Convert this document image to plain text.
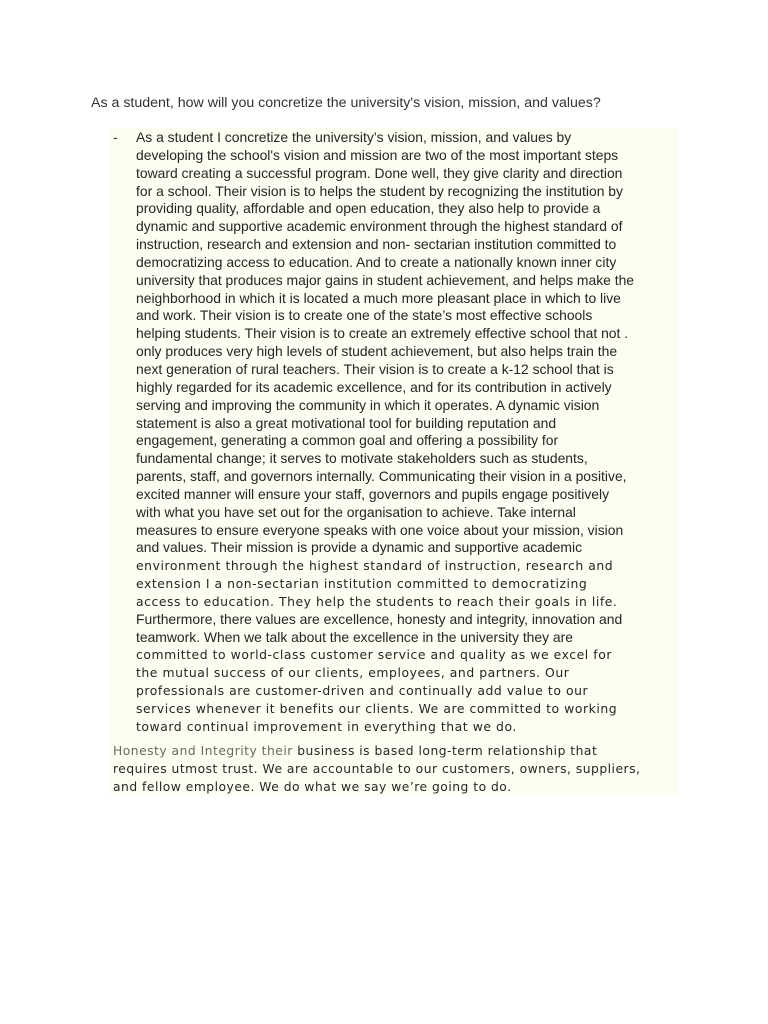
As a student, how will you concretize the university's vision, mission, and values?
- As a student I concretize the university’s vision, mission, and values by
developing the school's vision and mission are two of the most important steps
toward creating a successful program. Done well, they give clarity and direction
for a school. Their vision is to helps the student by recognizing the institution by
providing quality, affordable and open education, they also help to provide a
dynamic and supportive academic environment through the highest standard of
instruction, research and extension and non- sectarian institution committed to
democratizing access to education. And to create a nationally known inner city
university that produces major gains in student achievement, and helps make the
neighborhood in which it is located a much more pleasant place in which to live
and work. Their vision is to create one of the state’s most effective schools
helping students. Their vision is to create an extremely effective school that not .
only produces very high levels of student achievement, but also helps train the
next generation of rural teachers. Their vision is to create a k-12 school that is
highly regarded for its academic excellence, and for its contribution in actively
serving and improving the community in which it operates. A dynamic vision
statement is also a great motivational tool for building reputation and
engagement, generating a common goal and offering a possibility for
fundamental change; it serves to motivate stakeholders such as students,
parents, staff, and governors internally. Communicating their vision in a positive,
excited manner will ensure your staff, governors and pupils engage positively
with what you have set out for the organisation to achieve. Take internal
measures to ensure everyone speaks with one voice about your mission, vision
and values. Their mission is provide a dynamic and supportive academic
environment through the highest standard of instruction, research and
extension I a non-sectarian institution committed to democratizing
access to education. They help the students to reach their goals in life.
Furthermore, there values are excellence, honesty and integrity, innovation and
teamwork. When we talk about the excellence in the university they are
committed to world-class customer service and quality as we excel for
the mutual success of our clients, employees, and partners. Our
professionals are customer-driven and continually add value to our
services whenever it benefits our clients. We are committed to working
toward continual improvement in everything that we do.
Honesty and Integrity their business is based long-term relationship that
requires utmost trust. We are accountable to our customers, owners, suppliers,
and fellow employee. We do what we say we’re going to do.
